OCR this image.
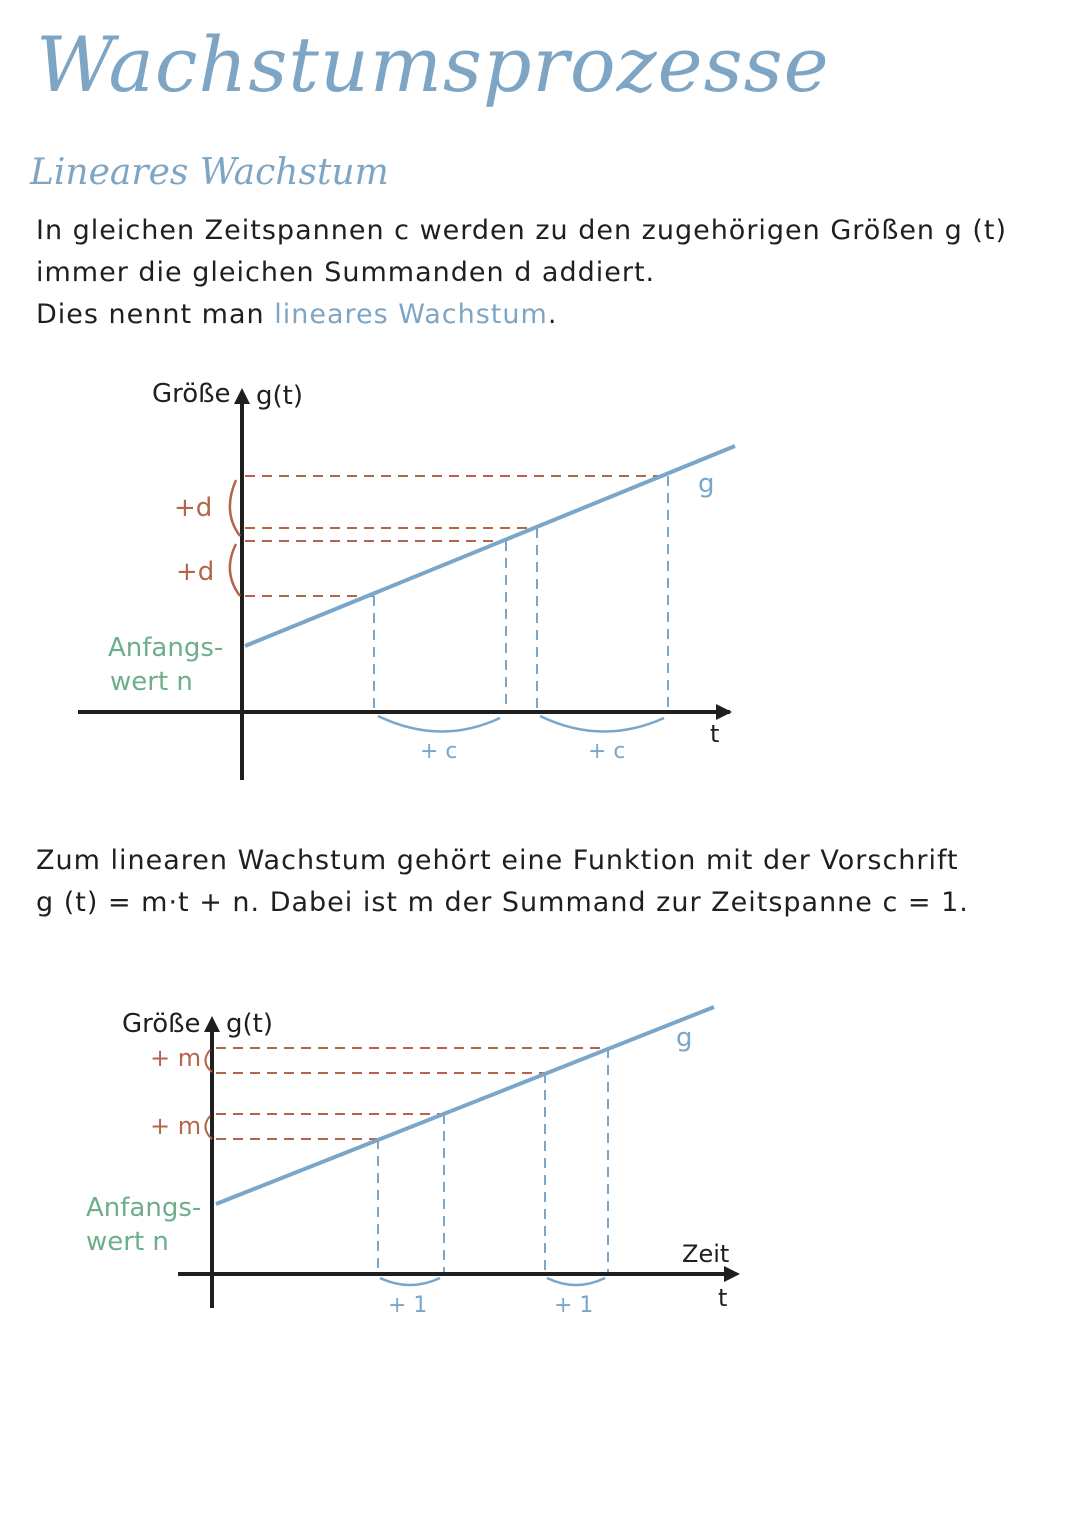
Wachstumsprozesse
Lineares Wachstum
In gleichen Zeitspannen c werden zu den zugehörigen Größen g (t) immer die gleichen Summanden d addiert.
Dies nennt man lineares Wachstum.
Größe g(t)
t
g
+d
+d
+ c	+ c
Anfangs-
wert n
Zum linearen Wachstum gehört eine Funktion mit der Vorschrift
g (t) = m·t + n. Dabei ist m der Summand zur Zeitspanne c = 1.
Größe g(t)
Zeit
t
g
+ m
+ m
+ 1	+ 1
Anfangs-
wert n
